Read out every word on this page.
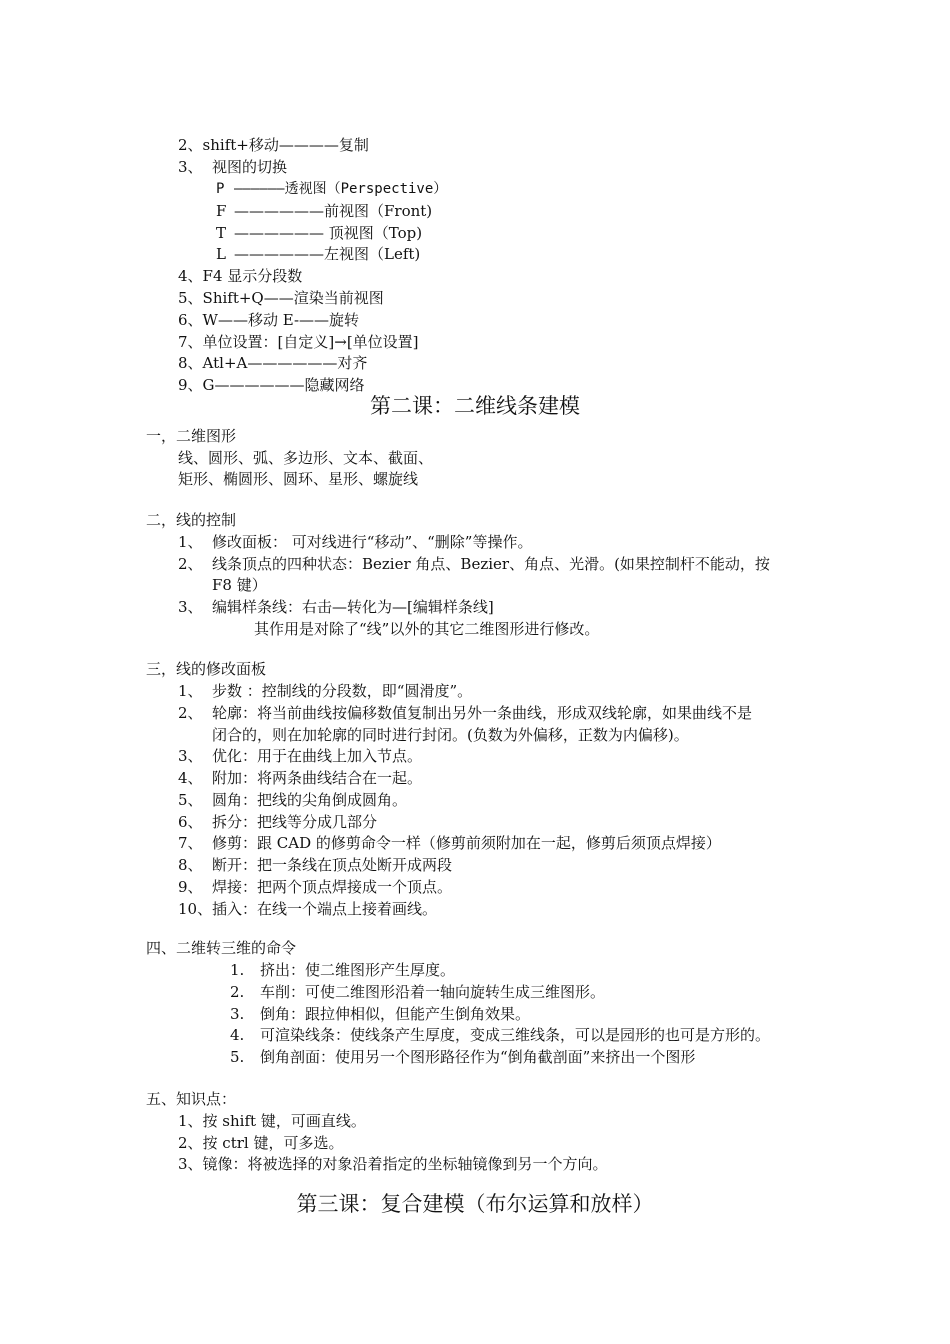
2、shift+移动————复制
3、 视图的切换
P ——————透视图（Perspective）
F ——————前视图（Front)
T —————— 顶视图（Top)
L ——————左视图（Left)
4、F4 显示分段数
5、Shift+Q——渲染当前视图
6、W——移动 E-——旋转
7、单位设置：[自定义]→[单位设置]
8、Atl+A——————对齐
9、G——————隐藏网络
第二课：二维线条建模
一，二维图形
线、圆形、弧、多边形、文本、截面、
矩形、椭圆形、圆环、星形、螺旋线
二，线的控制
1、 修改面板： 可对线进行“移动”、“删除”等操作。
2、 线条顶点的四种状态：Bezier 角点、Bezier、角点、光滑。(如果控制杆不能动，按
F8 键）
3、 编辑样条线：右击—转化为—[编辑样条线]
其作用是对除了“线”以外的其它二维图形进行修改。
三，线的修改面板
1、 步数 ：控制线的分段数，即“圆滑度”。
2、 轮廓：将当前曲线按偏移数值复制出另外一条曲线，形成双线轮廓，如果曲线不是
闭合的，则在加轮廓的同时进行封闭。(负数为外偏移，正数为内偏移)。
3、 优化：用于在曲线上加入节点。
4、 附加：将两条曲线结合在一起。
5、 圆角：把线的尖角倒成圆角。
6、 拆分：把线等分成几部分
7、 修剪：跟 CAD 的修剪命令一样（修剪前须附加在一起，修剪后须顶点焊接）
8、 断开：把一条线在顶点处断开成两段
9、 焊接：把两个顶点焊接成一个顶点。
10、插入：在线一个端点上接着画线。
四、二维转三维的命令
1. 挤出：使二维图形产生厚度。
2. 车削：可使二维图形沿着一轴向旋转生成三维图形。
3. 倒角：跟拉伸相似，但能产生倒角效果。
4. 可渲染线条：使线条产生厚度，变成三维线条，可以是园形的也可是方形的。
5. 倒角剖面：使用另一个图形路径作为“倒角截剖面”来挤出一个图形
五、知识点：
1、按 shift 键，可画直线。
2、按 ctrl 键，可多选。
3、镜像：将被选择的对象沿着指定的坐标轴镜像到另一个方向。
第三课：复合建模（布尔运算和放样）
